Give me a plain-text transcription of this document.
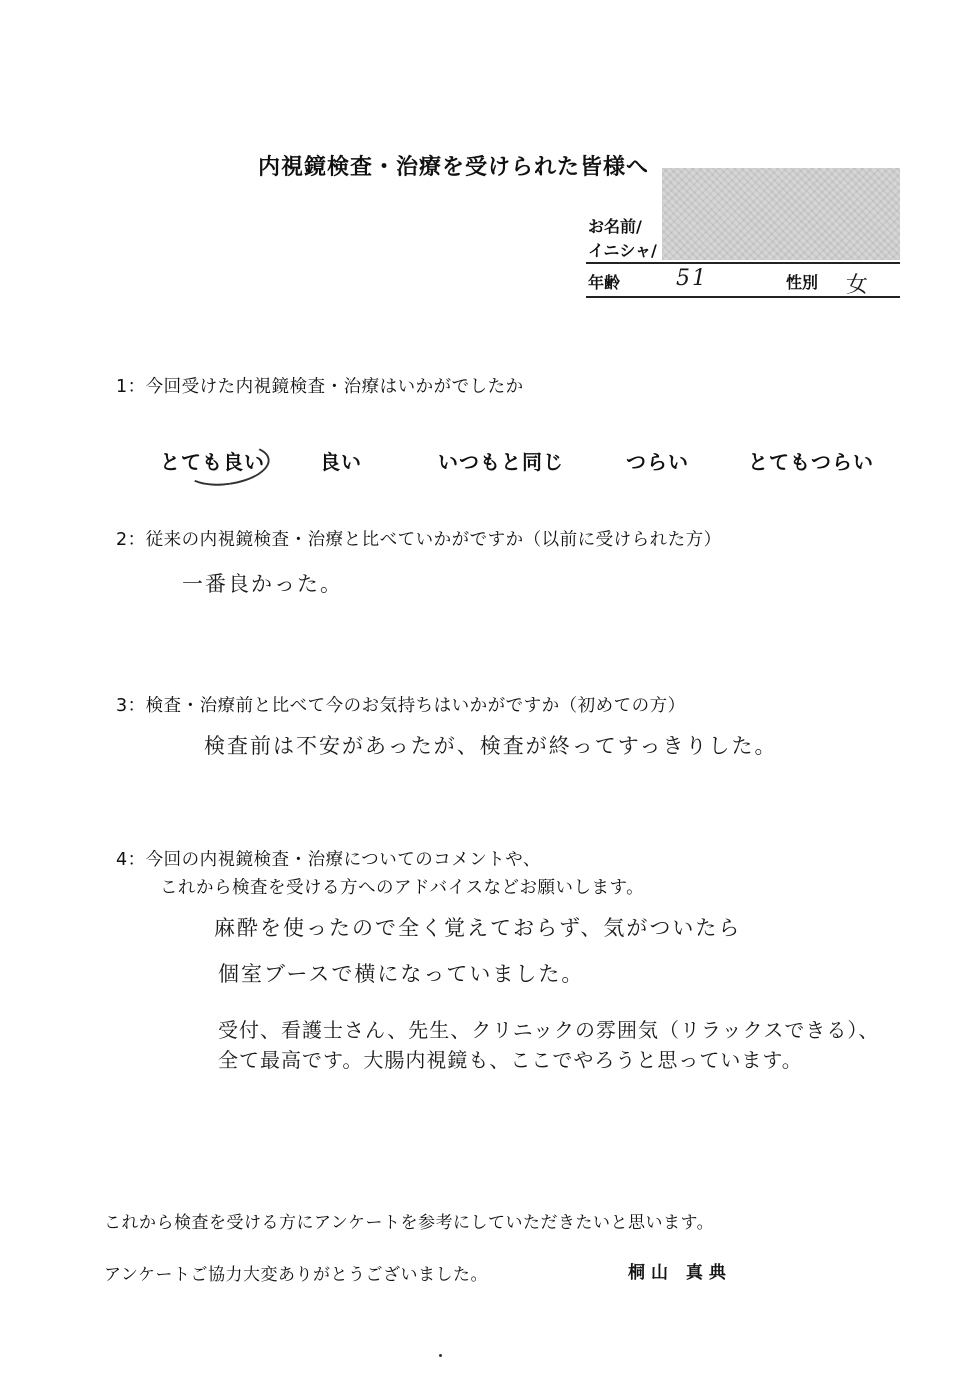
内視鏡検査・治療を受けられた皆様へ
お名前/
イニシャ/
年齢	51	性別 女
1：今回受けた内視鏡検査・治療はいかがでしたか
とても良い	良い	いつもと同じ	つらい	とてもつらい
2：従来の内視鏡検査・治療と比べていかがですか（以前に受けられた方）
一番良かった。
3：検査・治療前と比べて今のお気持ちはいかがですか（初めての方）
検査前は不安があったが、検査が終ってすっきりした。
4：今回の内視鏡検査・治療についてのコメントや、
これから検査を受ける方へのアドバイスなどお願いします。
麻酔を使ったので全く覚えておらず、気がついたら
個室ブースで横になっていました。
受付、看護士さん、先生、クリニックの雰囲気（リラックスできる）、
全て最高です。大腸内視鏡も、ここでやろうと思っています。
これから検査を受ける方にアンケートを参考にしていただきたいと思います。
アンケートご協力大変ありがとうございました。	桐山 真典
